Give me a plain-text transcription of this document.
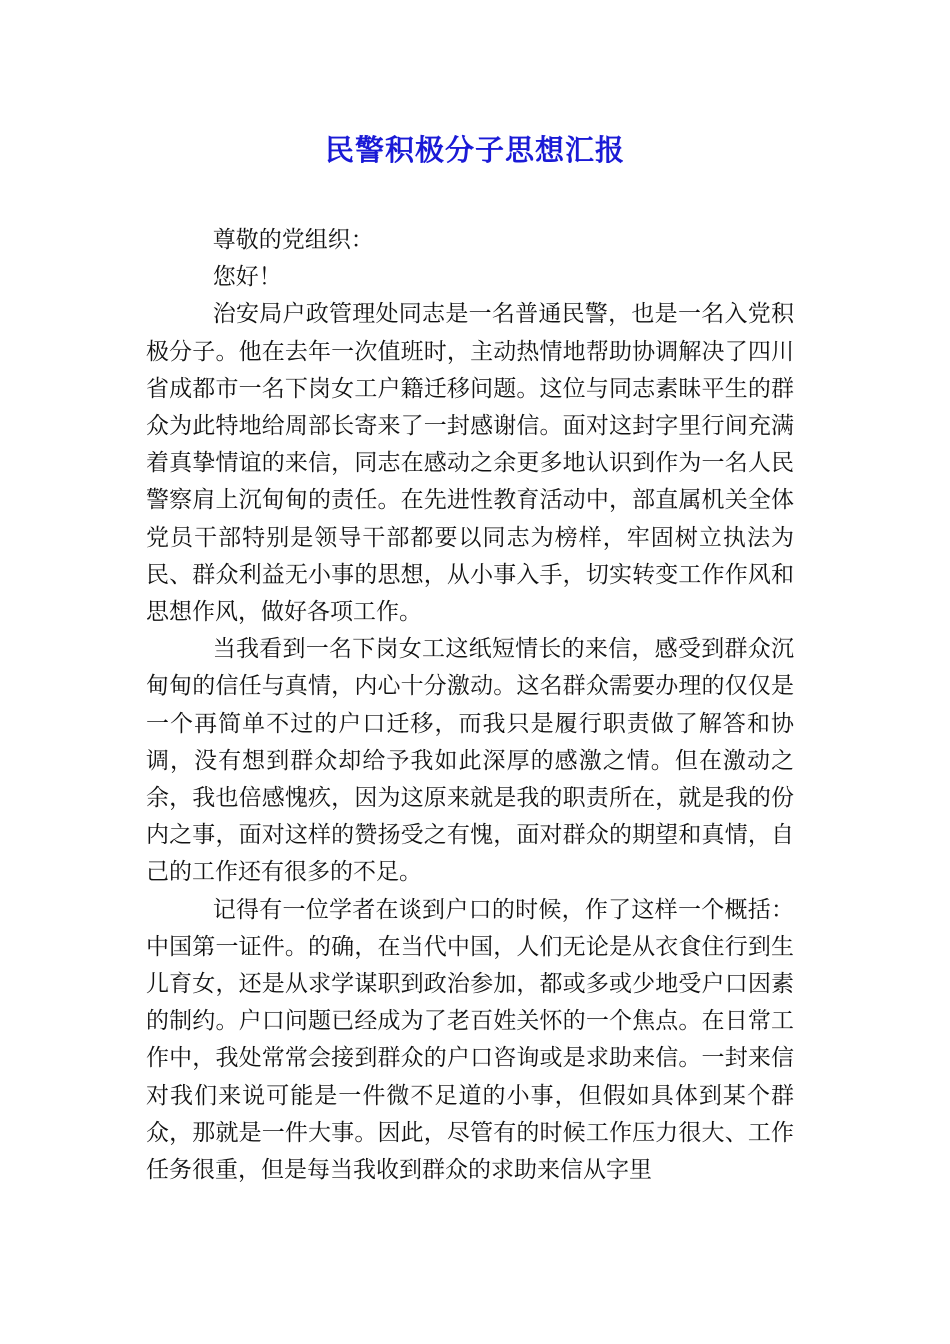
民警积极分子思想汇报

尊敬的党组织：

您好！

治安局户政管理处同志是一名普通民警，也是一名入党积极分子。他在去年一次值班时，主动热情地帮助协调解决了四川省成都市一名下岗女工户籍迁移问题。这位与同志素昧平生的群众为此特地给周部长寄来了一封感谢信。面对这封字里行间充满着真挚情谊的来信，同志在感动之余更多地认识到作为一名人民警察肩上沉甸甸的责任。在先进性教育活动中，部直属机关全体党员干部特别是领导干部都要以同志为榜样，牢固树立执法为民、群众利益无小事的思想，从小事入手，切实转变工作作风和思想作风，做好各项工作。

当我看到一名下岗女工这纸短情长的来信，感受到群众沉甸甸的信任与真情，内心十分激动。这名群众需要办理的仅仅是一个再简单不过的户口迁移，而我只是履行职责做了解答和协调，没有想到群众却给予我如此深厚的感激之情。但在激动之余，我也倍感愧疚，因为这原来就是我的职责所在，就是我的份内之事，面对这样的赞扬受之有愧，面对群众的期望和真情，自己的工作还有很多的不足。

记得有一位学者在谈到户口的时候，作了这样一个概括：中国第一证件。的确，在当代中国，人们无论是从衣食住行到生儿育女，还是从求学谋职到政治参加，都或多或少地受户口因素的制约。户口问题已经成为了老百姓关怀的一个焦点。在日常工作中，我处常常会接到群众的户口咨询或是求助来信。一封来信对我们来说可能是一件微不足道的小事，但假如具体到某个群众，那就是一件大事。因此，尽管有的时候工作压力很大、工作任务很重，但是每当我收到群众的求助来信从字里
